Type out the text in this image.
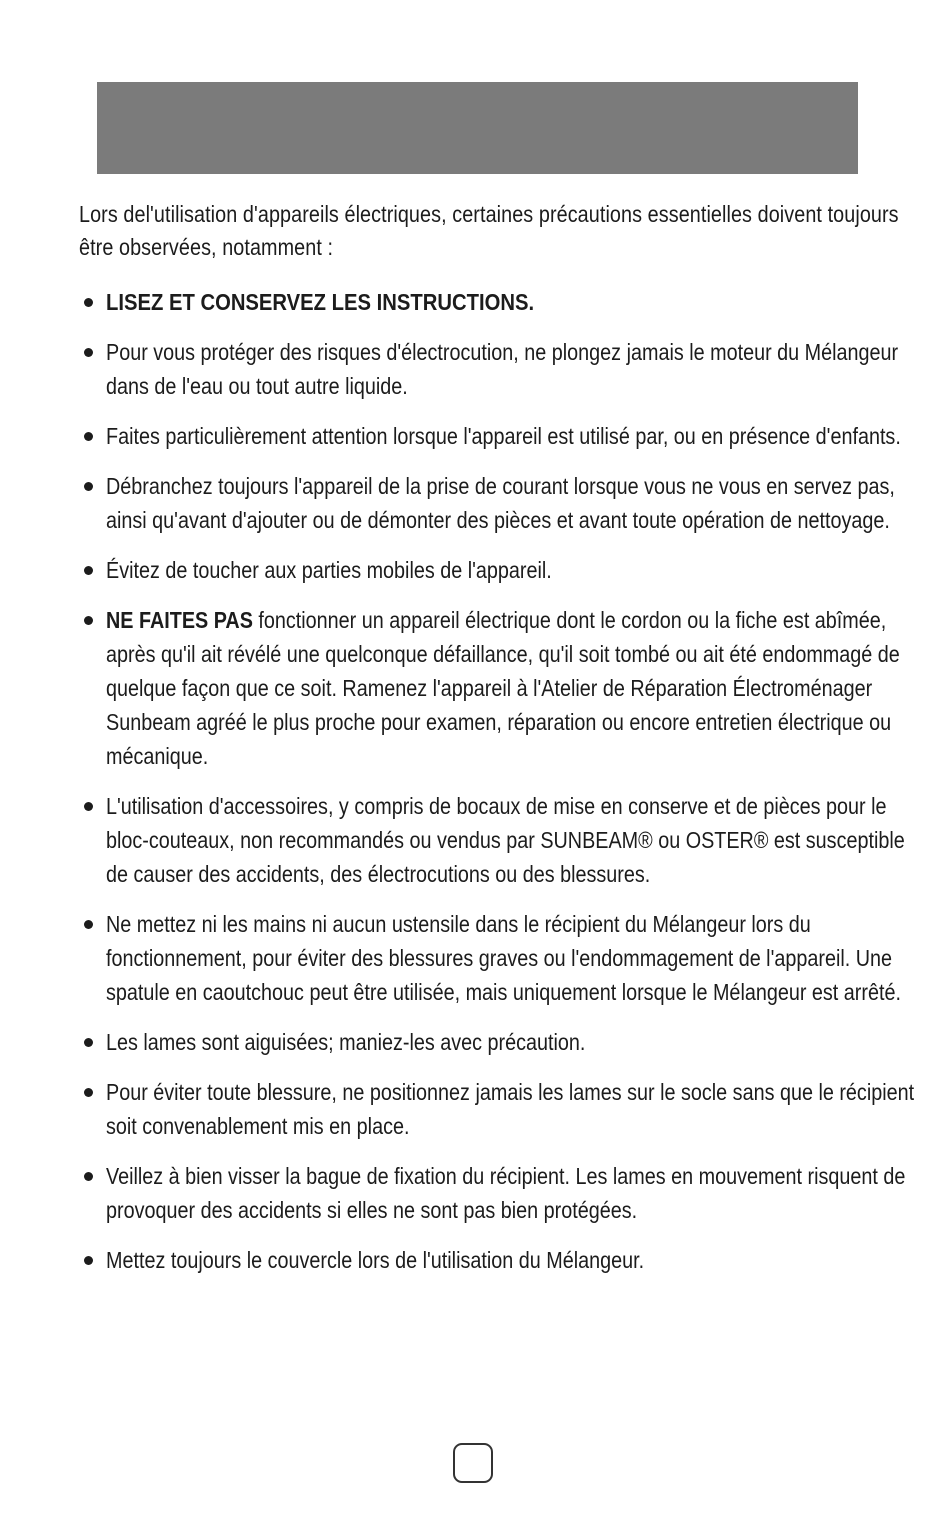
Lors del'utilisation d'appareils électriques, certaines précautions essentielles doivent toujours être observées, notamment :

LISEZ ET CONSERVEZ LES INSTRUCTIONS.
Pour vous protéger des risques d'électrocution, ne plongez jamais le moteur du Mélangeur dans de l'eau ou tout autre liquide.
Faites particulièrement attention lorsque l'appareil est utilisé par, ou en présence d'enfants.
Débranchez toujours l'appareil de la prise de courant lorsque vous ne vous en servez pas, ainsi qu'avant d'ajouter ou de démonter des pièces et avant toute opération de nettoyage.
Évitez de toucher aux parties mobiles de l'appareil.
NE FAITES PAS fonctionner un appareil électrique dont le cordon ou la fiche est abîmée, après qu'il ait révélé une quelconque défaillance, qu'il soit tombé ou ait été endommagé de quelque façon que ce soit. Ramenez l'appareil à l'Atelier de Réparation Électroménager Sunbeam agréé le plus proche pour examen, réparation ou encore entretien électrique ou mécanique.
L'utilisation d'accessoires, y compris de bocaux de mise en conserve et de pièces pour le bloc-couteaux, non recommandés ou vendus par SUNBEAM® ou OSTER® est susceptible de causer des accidents, des électrocutions ou des blessures.
Ne mettez ni les mains ni aucun ustensile dans le récipient du Mélangeur lors du fonctionnement, pour éviter des blessures graves ou l'endommagement de l'appareil. Une spatule en caoutchouc peut être utilisée, mais uniquement lorsque le Mélangeur est arrêté.
Les lames sont aiguisées; maniez-les avec précaution.
Pour éviter toute blessure, ne positionnez jamais les lames sur le socle sans que le récipient soit convenablement mis en place.
Veillez à bien visser la bague de fixation du récipient. Les lames en mouvement risquent de provoquer des accidents si elles ne sont pas bien protégées.
Mettez toujours le couvercle lors de l'utilisation du Mélangeur.
